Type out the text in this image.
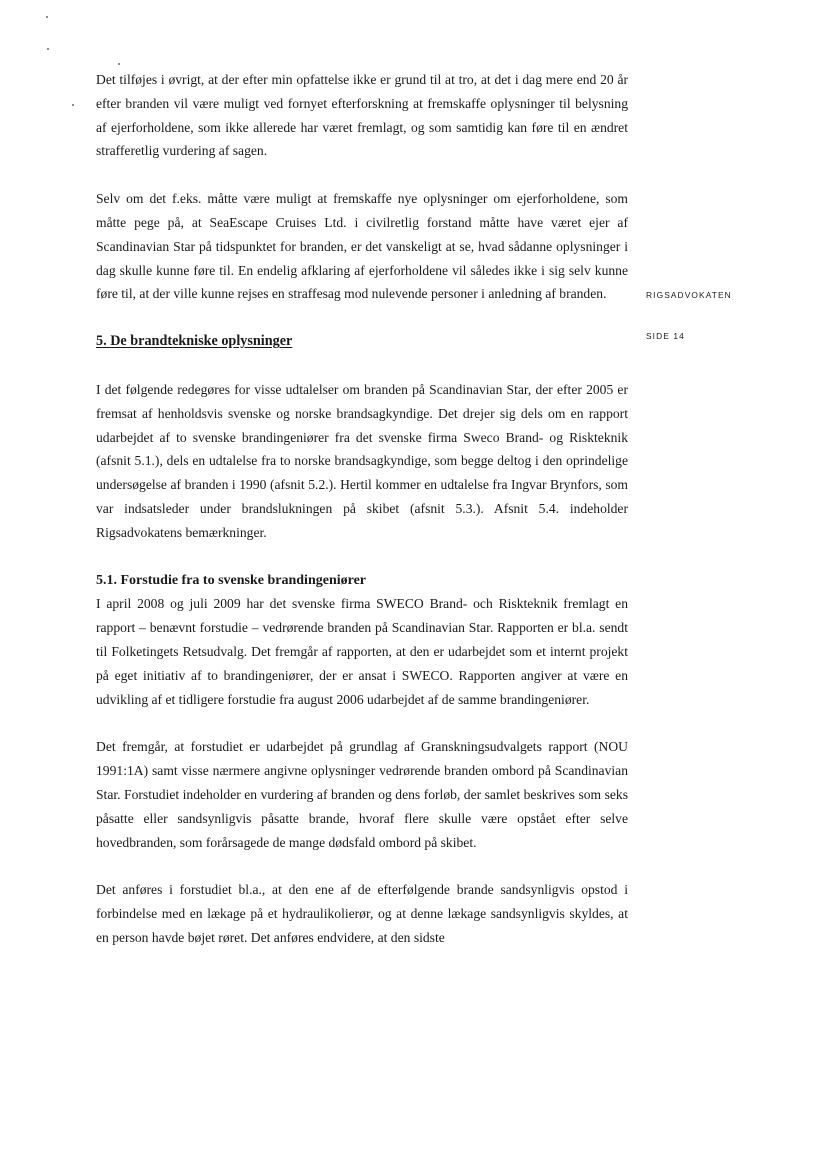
Det tilføjes i øvrigt, at der efter min opfattelse ikke er grund til at tro, at det i dag mere end 20 år efter branden vil være muligt ved fornyet efterforskning at fremskaffe oplysninger til belysning af ejerforholdene, som ikke allerede har været fremlagt, og som samtidig kan føre til en ændret strafferetlig vurdering af sagen.

Selv om det f.eks. måtte være muligt at fremskaffe nye oplysninger om ejerforholdene, som måtte pege på, at SeaEscape Cruises Ltd. i civilretlig forstand måtte have været ejer af Scandinavian Star på tidspunktet for branden, er det vanskeligt at se, hvad sådanne oplysninger i dag skulle kunne føre til. En endelig afklaring af ejerforholdene vil således ikke i sig selv kunne føre til, at der ville kunne rejses en straffesag mod nulevende personer i anledning af branden.

5. De brandtekniske oplysninger

I det følgende redegøres for visse udtalelser om branden på Scandinavian Star, der efter 2005 er fremsat af henholdsvis svenske og norske brandsagkyndige. Det drejer sig dels om en rapport udarbejdet af to svenske brandingeniører fra det svenske firma Sweco Brand- og Riskteknik (afsnit 5.1.), dels en udtalelse fra to norske brandsagkyndige, som begge deltog i den oprindelige undersøgelse af branden i 1990 (afsnit 5.2.). Hertil kommer en udtalelse fra Ingvar Brynfors, som var indsatsleder under brandslukningen på skibet (afsnit 5.3.). Afsnit 5.4. indeholder Rigsadvokatens bemærkninger.

5.1. Forstudie fra to svenske brandingeniører

I april 2008 og juli 2009 har det svenske firma SWECO Brand- och Riskteknik fremlagt en rapport – benævnt forstudie – vedrørende branden på Scandinavian Star. Rapporten er bl.a. sendt til Folketingets Retsudvalg. Det fremgår af rapporten, at den er udarbejdet som et internt projekt på eget initiativ af to brandingeniører, der er ansat i SWECO. Rapporten angiver at være en udvikling af et tidligere forstudie fra august 2006 udarbejdet af de samme brandingeniører.

Det fremgår, at forstudiet er udarbejdet på grundlag af Granskningsudvalgets rapport (NOU 1991:1A) samt visse nærmere angivne oplysninger vedrørende branden ombord på Scandinavian Star. Forstudiet indeholder en vurdering af branden og dens forløb, der samlet beskrives som seks påsatte eller sandsynligvis påsatte brande, hvoraf flere skulle være opstået efter selve hovedbranden, som forårsagede de mange dødsfald ombord på skibet.

Det anføres i forstudiet bl.a., at den ene af de efterfølgende brande sandsynligvis opstod i forbindelse med en lækage på et hydraulikolierør, og at denne lækage sandsynligvis skyldes, at en person havde bøjet røret. Det anføres endvidere, at den sidste

RIGSADVOKATEN

SIDE 14
